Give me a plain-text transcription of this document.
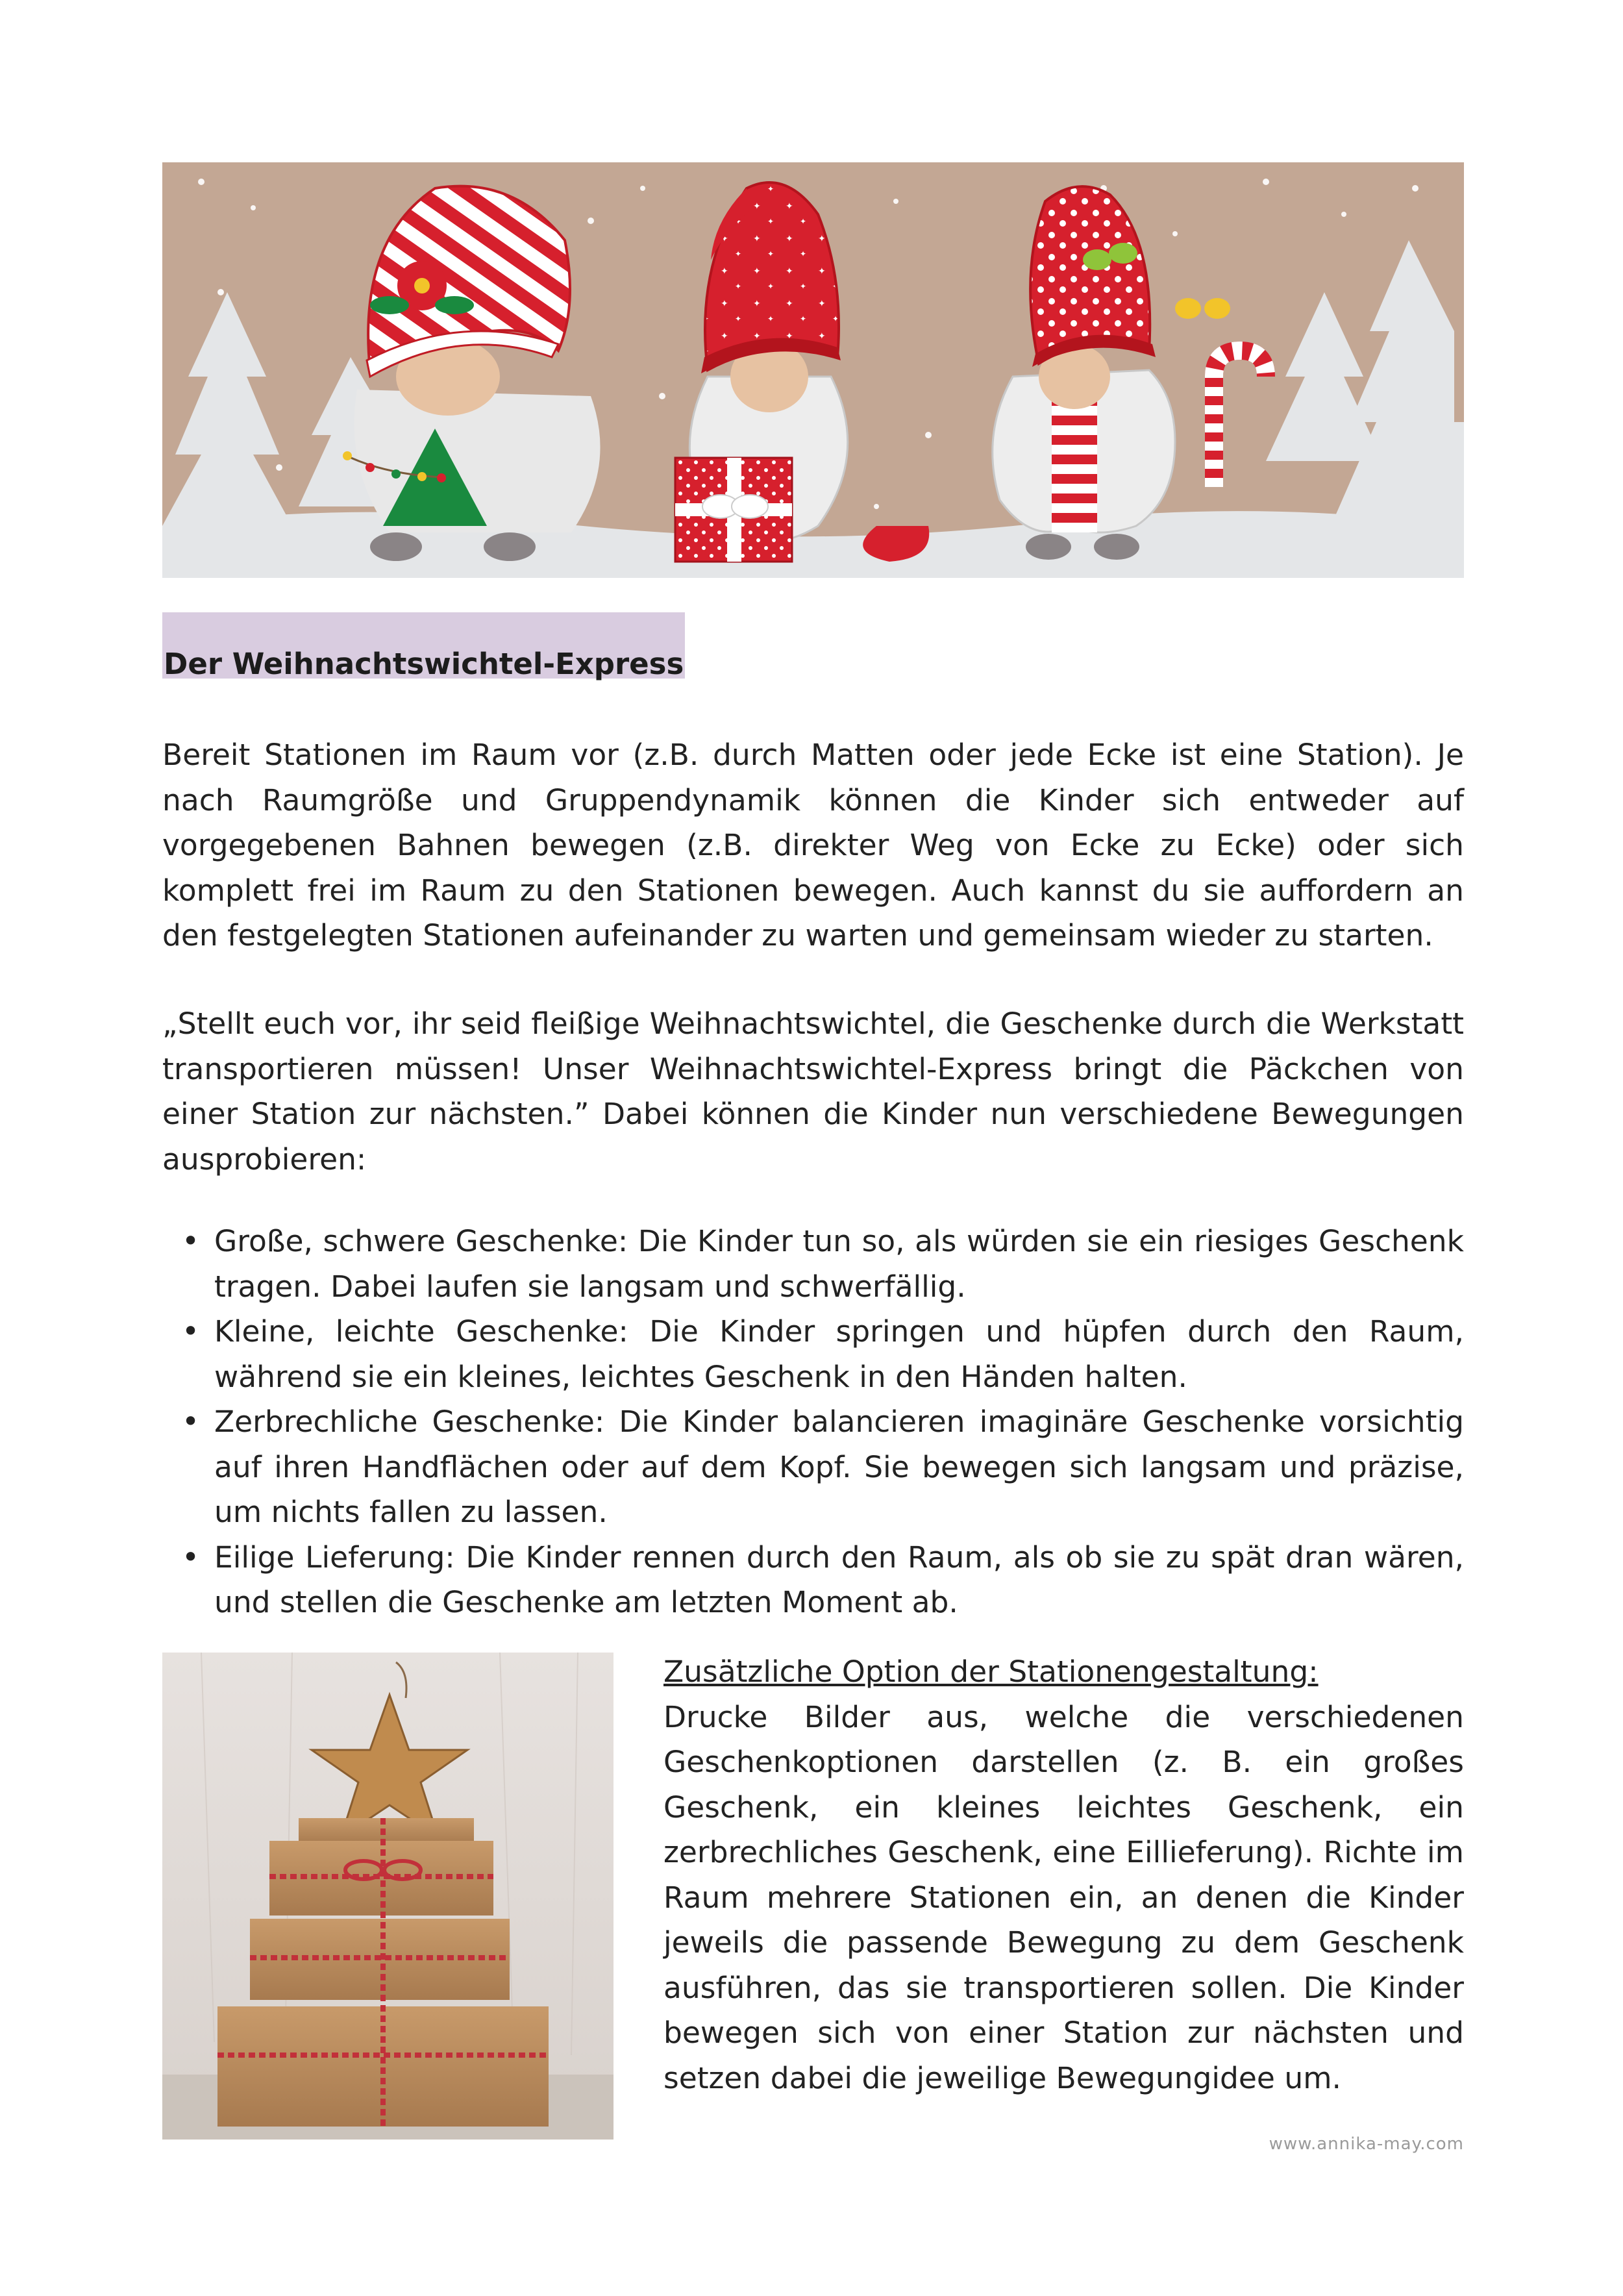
Der Weihnachtswichtel-Express

Bereit Stationen im Raum vor (z.B. durch Matten oder jede Ecke ist eine Station). Je nach Raumgröße und Gruppendynamik können die Kinder sich entweder auf vorgegebenen Bahnen bewegen (z.B. direkter Weg von Ecke zu Ecke) oder sich komplett frei im Raum zu den Stationen bewegen. Auch kannst du sie auffordern an den festgelegten Stationen aufeinander zu warten und gemeinsam wieder zu starten.

„Stellt euch vor, ihr seid fleißige Weihnachtswichtel, die Geschenke durch die Werkstatt transportieren müssen! Unser Weihnachtswichtel-Express bringt die Päckchen von einer Station zur nächsten.” Dabei können die Kinder nun verschiedene Bewegungen ausprobieren:

• Große, schwere Geschenke: Die Kinder tun so, als würden sie ein riesiges Geschenk tragen. Dabei laufen sie langsam und schwerfällig.
• Kleine, leichte Geschenke: Die Kinder springen und hüpfen durch den Raum, während sie ein kleines, leichtes Geschenk in den Händen halten.
• Zerbrechliche Geschenke: Die Kinder balancieren imaginäre Geschenke vorsichtig auf ihren Handflächen oder auf dem Kopf. Sie bewegen sich langsam und präzise, um nichts fallen zu lassen.
• Eilige Lieferung: Die Kinder rennen durch den Raum, als ob sie zu spät dran wären, und stellen die Geschenke am letzten Moment ab.
Zusätzliche Option der Stationengestaltung:

Drucke Bilder aus, welche die verschiedenen Geschenkoptionen darstellen (z. B. ein großes Geschenk, ein kleines leichtes Geschenk, ein zerbrechliches Geschenk, eine Eillieferung). Richte im Raum mehrere Stationen ein, an denen die Kinder jeweils die passende Bewegung zu dem Geschenk ausführen, das sie transportieren sollen. Die Kinder bewegen sich von einer Station zur nächsten und setzen dabei die jeweilige Bewegungidee um.

www.annika-may.com
